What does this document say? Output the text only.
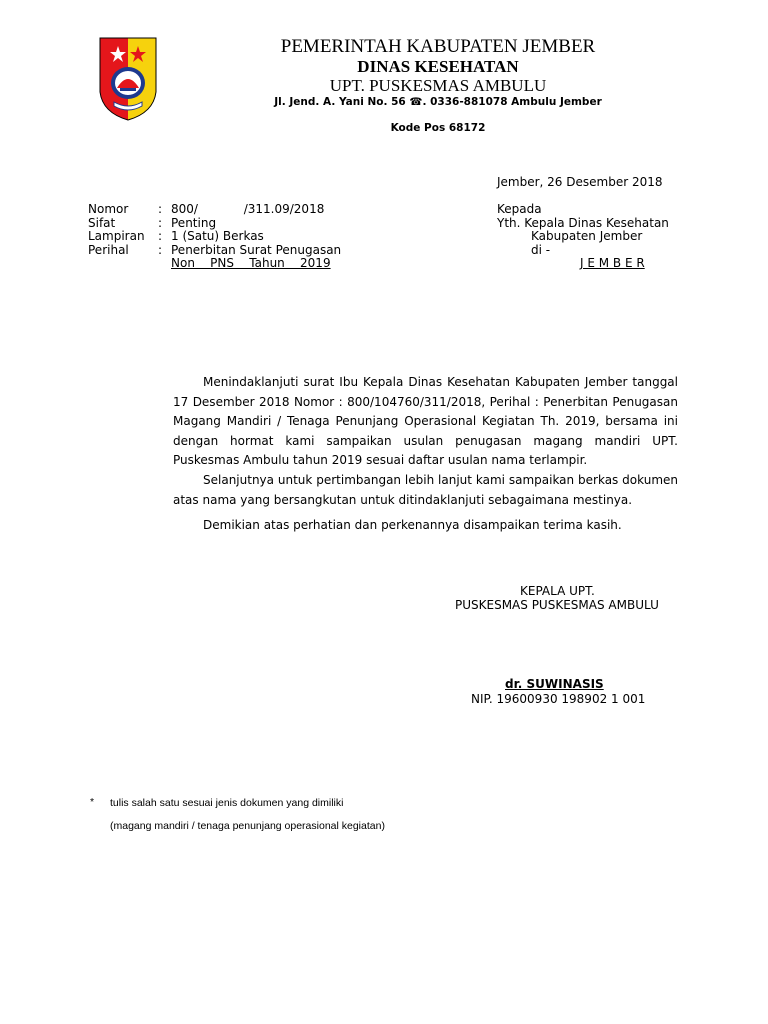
PEMERINTAH KABUPATEN JEMBER
DINAS KESEHATAN
UPT. PUSKESMAS AMBULU
Jl. Jend. A. Yani No. 56 ☎. 0336-881078 Ambulu Jember
Kode Pos 68172
Jember, 26 Desember 2018
Nomor : 800/            /311.09/2018
Sifat	: Penting
Lampiran : 1 (Satu) Berkas
Perihal : Penerbitan Surat Penugasan
Non    PNS    Tahun    2019
Kepada
Yth. Kepala Dinas Kesehatan
Kabupaten Jember
di -
J E M B E R

Menindaklanjuti surat Ibu Kepala Dinas Kesehatan Kabupaten Jember tanggal 17 Desember 2018 Nomor : 800/104760/311/2018, Perihal : Penerbitan Penugasan Magang Mandiri / Tenaga Penunjang Operasional Kegiatan Th. 2019, bersama ini dengan hormat kami sampaikan usulan penugasan magang mandiri UPT. Puskesmas Ambulu tahun 2019 sesuai daftar usulan nama terlampir.

Selanjutnya untuk pertimbangan lebih lanjut kami sampaikan berkas dokumen atas nama yang bersangkutan untuk ditindaklanjuti sebagaimana mestinya.

Demikian atas perhatian dan perkenannya disampaikan terima kasih.

KEPALA UPT.
PUSKESMAS PUSKESMAS AMBULU
dr. SUWINASIS
NIP. 19600930 198902 1 001
* tulis salah satu sesuai jenis dokumen yang dimiliki
(magang mandiri / tenaga penunjang operasional kegiatan)
